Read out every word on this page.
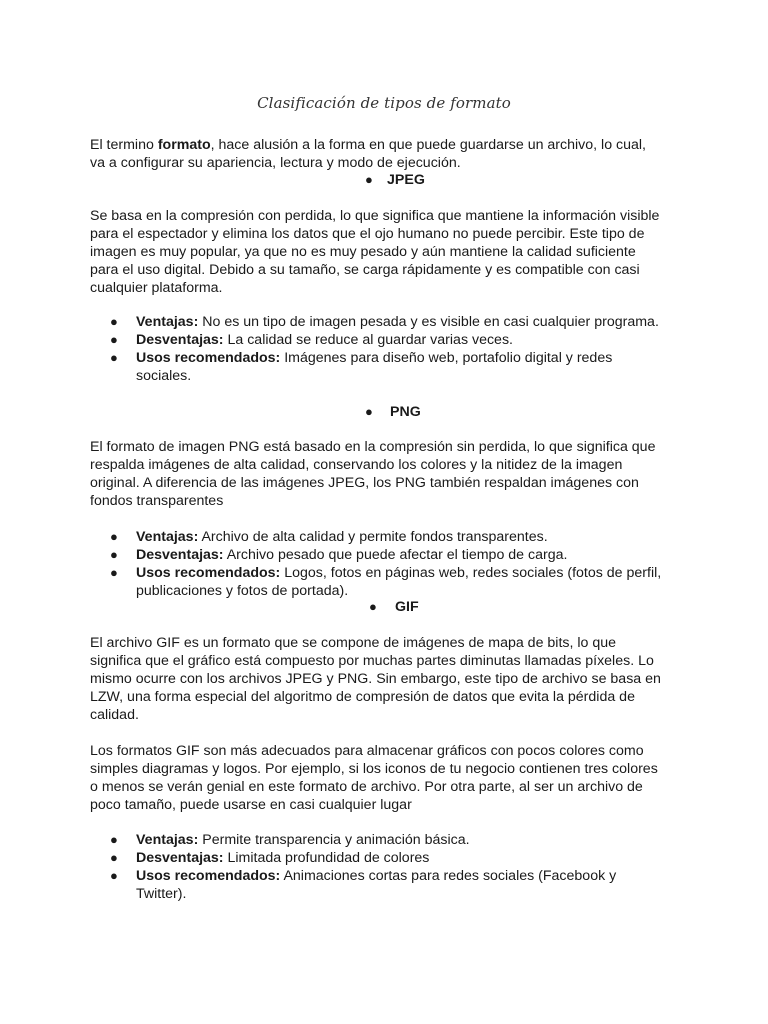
Clasificación de tipos de formato

El termino formato, hace alusión a la forma en que puede guardarse un archivo, lo cual, va a configurar su apariencia, lectura y modo de ejecución.

● JPEG

Se basa en la compresión con perdida, lo que significa que mantiene la información visible para el espectador y elimina los datos que el ojo humano no puede percibir. Este tipo de imagen es muy popular, ya que no es muy pesado y aún mantiene la calidad suficiente para el uso digital. Debido a su tamaño, se carga rápidamente y es compatible con casi cualquier plataforma.

● Ventajas: No es un tipo de imagen pesada y es visible en casi cualquier programa.
● Desventajas: La calidad se reduce al guardar varias veces.
● Usos recomendados: Imágenes para diseño web, portafolio digital y redes sociales.
● PNG

El formato de imagen PNG está basado en la compresión sin perdida, lo que significa que respalda imágenes de alta calidad, conservando los colores y la nitidez de la imagen original. A diferencia de las imágenes JPEG, los PNG también respaldan imágenes con fondos transparentes

● Ventajas: Archivo de alta calidad y permite fondos transparentes.
● Desventajas: Archivo pesado que puede afectar el tiempo de carga.
● Usos recomendados: Logos, fotos en páginas web, redes sociales (fotos de perfil, publicaciones y fotos de portada).
● GIF

El archivo GIF es un formato que se compone de imágenes de mapa de bits, lo que significa que el gráfico está compuesto por muchas partes diminutas llamadas píxeles. Lo mismo ocurre con los archivos JPEG y PNG. Sin embargo, este tipo de archivo se basa en LZW, una forma especial del algoritmo de compresión de datos que evita la pérdida de calidad.

Los formatos GIF son más adecuados para almacenar gráficos con pocos colores como simples diagramas y logos. Por ejemplo, si los iconos de tu negocio contienen tres colores o menos se verán genial en este formato de archivo. Por otra parte, al ser un archivo de poco tamaño, puede usarse en casi cualquier lugar

● Ventajas: Permite transparencia y animación básica.
● Desventajas: Limitada profundidad de colores
● Usos recomendados: Animaciones cortas para redes sociales (Facebook y Twitter).
